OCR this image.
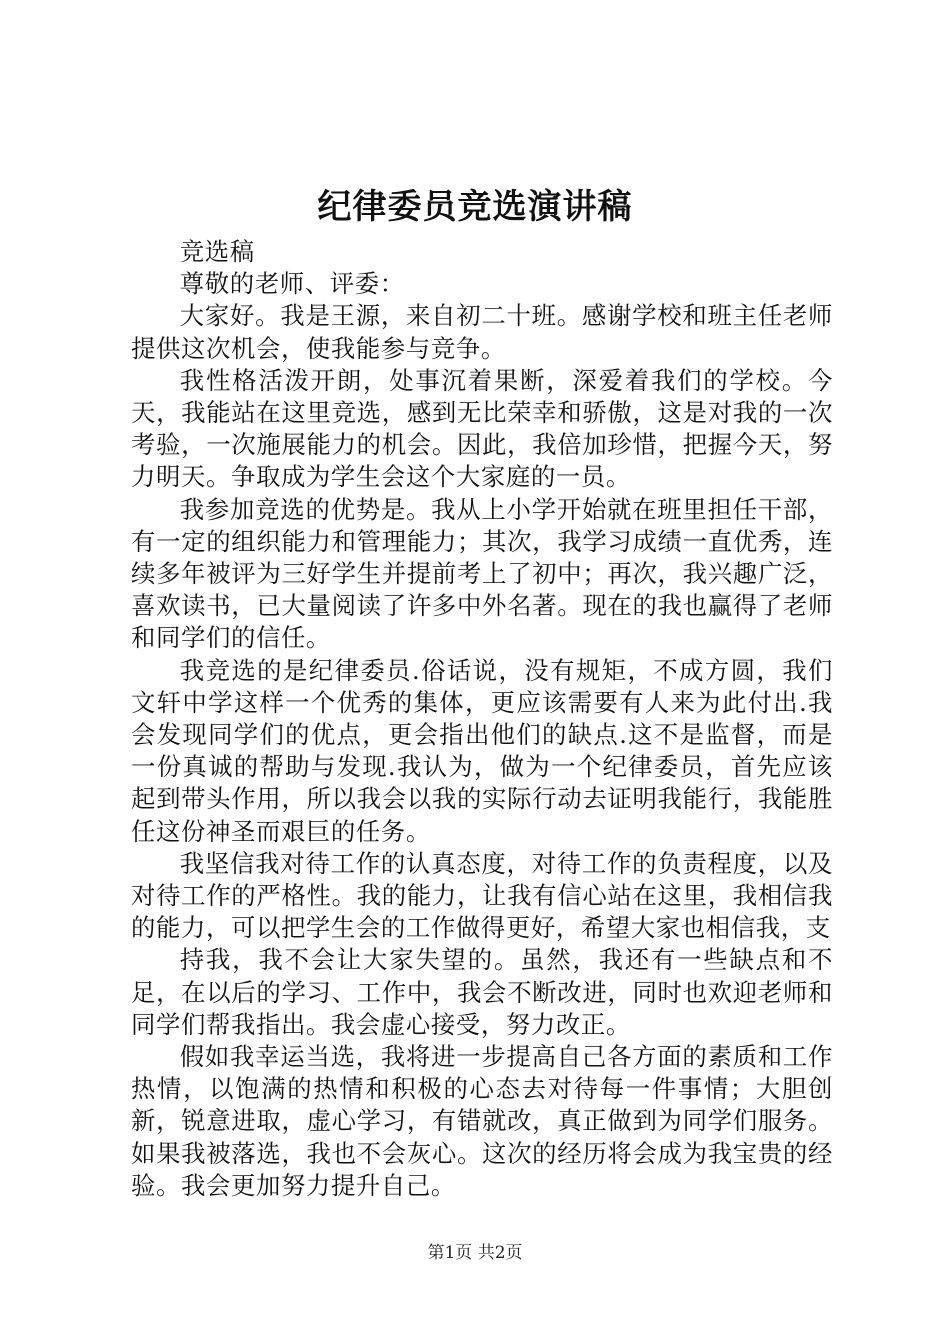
纪律委员竞选演讲稿

竞选稿

尊敬的老师、评委：

大家好。我是王源，来自初二十班。感谢学校和班主任老师提供这次机会，使我能参与竞争。

我性格活泼开朗，处事沉着果断，深爱着我们的学校。今天，我能站在这里竞选，感到无比荣幸和骄傲，这是对我的一次考验，一次施展能力的机会。因此，我倍加珍惜，把握今天，努力明天。争取成为学生会这个大家庭的一员。

我参加竞选的优势是。我从上小学开始就在班里担任干部，有一定的组织能力和管理能力；其次，我学习成绩一直优秀，连续多年被评为三好学生并提前考上了初中；再次，我兴趣广泛，喜欢读书，已大量阅读了许多中外名著。现在的我也赢得了老师和同学们的信任。

我竞选的是纪律委员.俗话说，没有规矩，不成方圆，我们文轩中学这样一个优秀的集体，更应该需要有人来为此付出.我会发现同学们的优点，更会指出他们的缺点.这不是监督，而是一份真诚的帮助与发现.我认为，做为一个纪律委员，首先应该起到带头作用，所以我会以我的实际行动去证明我能行，我能胜任这份神圣而艰巨的任务。

我坚信我对待工作的认真态度，对待工作的负责程度，以及对待工作的严格性。我的能力，让我有信心站在这里，我相信我的能力，可以把学生会的工作做得更好，希望大家也相信我，支

持我，我不会让大家失望的。虽然，我还有一些缺点和不足，在以后的学习、工作中，我会不断改进，同时也欢迎老师和同学们帮我指出。我会虚心接受，努力改正。

假如我幸运当选，我将进一步提高自己各方面的素质和工作热情，以饱满的热情和积极的心态去对待每一件事情；大胆创新，锐意进取，虚心学习，有错就改，真正做到为同学们服务。如果我被落选，我也不会灰心。这次的经历将会成为我宝贵的经验。我会更加努力提升自己。

第1页 共2页
